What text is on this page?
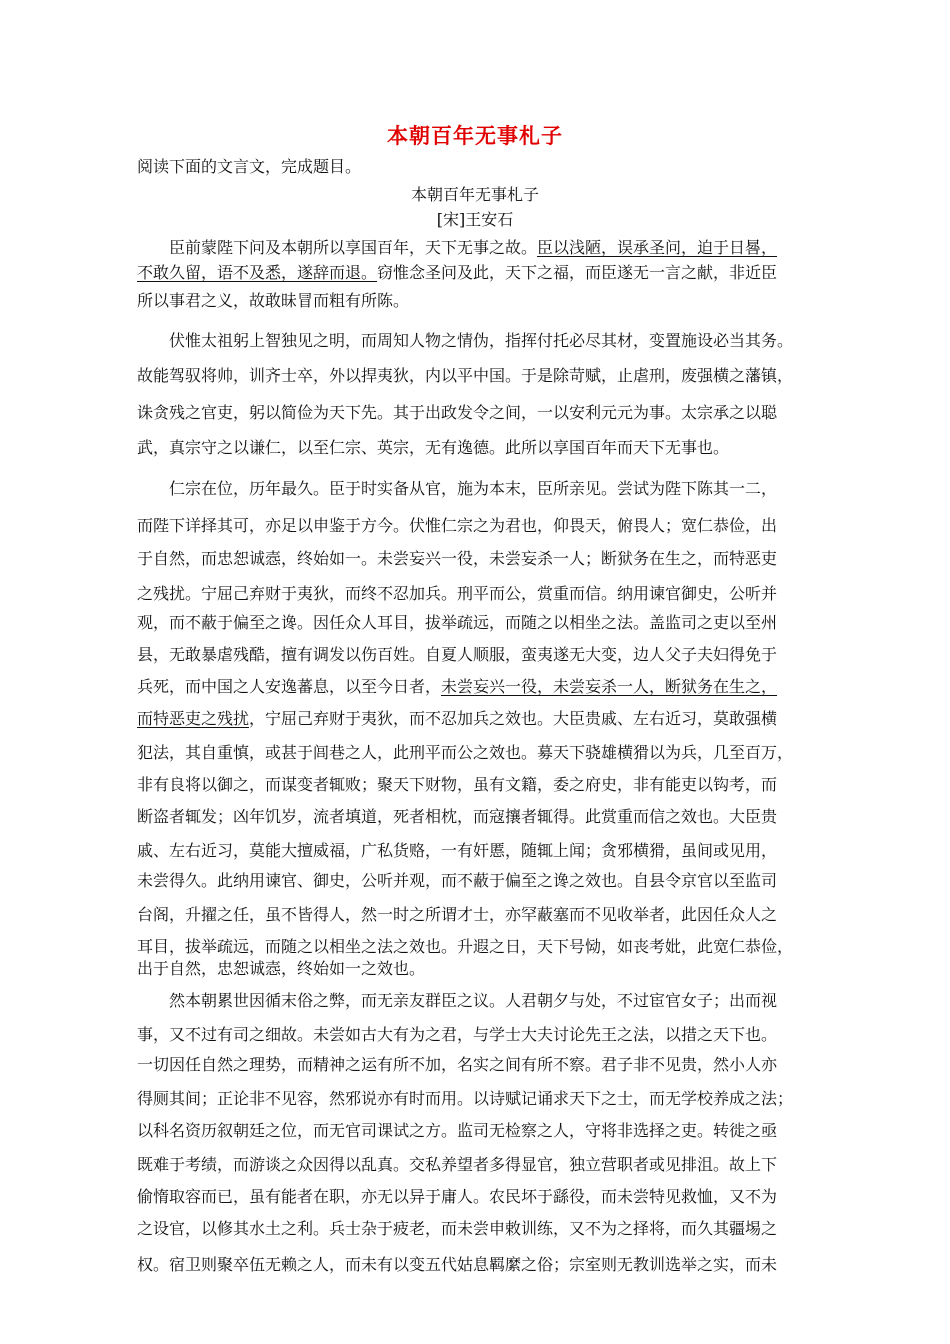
本朝百年无事札子
阅读下面的文言文，完成题目。
本朝百年无事札子
[宋]王安石
　　臣前蒙陛下问及本朝所以享国百年，天下无事之故。臣以浅陋，误承圣问，迫于日晷，
不敢久留，语不及悉，遂辞而退。窃惟念圣问及此，天下之福，而臣遂无一言之献，非近臣
所以事君之义，故敢昧冒而粗有所陈。
　　伏惟太祖躬上智独见之明，而周知人物之情伪，指挥付托必尽其材，变置施设必当其务。
故能驾驭将帅，训齐士卒，外以捍夷狄，内以平中国。于是除苛赋，止虐刑，废强横之藩镇，
诛贪残之官吏，躬以简俭为天下先。其于出政发令之间，一以安利元元为事。太宗承之以聪
武，真宗守之以谦仁，以至仁宗、英宗，无有逸德。此所以享国百年而天下无事也。
　　仁宗在位，历年最久。臣于时实备从官，施为本末，臣所亲见。尝试为陛下陈其一二，
而陛下详择其可，亦足以申鉴于方今。伏惟仁宗之为君也，仰畏天，俯畏人；宽仁恭俭，出
于自然，而忠恕诚悫，终始如一。未尝妄兴一役，未尝妄杀一人；断狱务在生之，而特恶吏
之残扰。宁屈己弃财于夷狄，而终不忍加兵。刑平而公，赏重而信。纳用谏官御史，公听并
观，而不蔽于偏至之谗。因任众人耳目，拔举疏远，而随之以相坐之法。盖监司之吏以至州
县，无敢暴虐残酷，擅有调发以伤百姓。自夏人顺服，蛮夷遂无大变，边人父子夫妇得免于
兵死，而中国之人安逸蕃息，以至今日者，未尝妄兴一役，未尝妄杀一人，断狱务在生之，
而特恶吏之残扰，宁屈己弃财于夷狄，而不忍加兵之效也。大臣贵戚、左右近习，莫敢强横
犯法，其自重慎，或甚于闾巷之人，此刑平而公之效也。募天下骁雄横猾以为兵，几至百万，
非有良将以御之，而谋变者辄败；聚天下财物，虽有文籍，委之府史，非有能吏以钩考，而
断盗者辄发；凶年饥岁，流者填道，死者相枕，而寇攘者辄得。此赏重而信之效也。大臣贵
戚、左右近习，莫能大擅威福，广私货赂，一有奸慝，随辄上闻；贪邪横猾，虽间或见用，
未尝得久。此纳用谏官、御史，公听并观，而不蔽于偏至之谗之效也。自县令京官以至监司
台阁，升擢之任，虽不皆得人，然一时之所谓才士，亦罕蔽塞而不见收举者，此因任众人之
耳目，拔举疏远，而随之以相坐之法之效也。升遐之日，天下号恸，如丧考妣，此宽仁恭俭，
出于自然，忠恕诚悫，终始如一之效也。
　　然本朝累世因循末俗之弊，而无亲友群臣之议。人君朝夕与处，不过宦官女子；出而视
事，又不过有司之细故。未尝如古大有为之君，与学士大夫讨论先王之法，以措之天下也。
一切因任自然之理势，而精神之运有所不加，名实之间有所不察。君子非不见贵，然小人亦
得厕其间；正论非不见容，然邪说亦有时而用。以诗赋记诵求天下之士，而无学校养成之法；
以科名资历叙朝廷之位，而无官司课试之方。监司无检察之人，守将非选择之吏。转徙之亟
既难于考绩，而游谈之众因得以乱真。交私养望者多得显官，独立营职者或见排沮。故上下
偷惰取容而已，虽有能者在职，亦无以异于庸人。农民坏于繇役，而未尝特见救恤，又不为
之设官，以修其水土之利。兵士杂于疲老，而未尝申敕训练，又不为之择将，而久其疆埸之
权。宿卫则聚卒伍无赖之人，而未有以变五代姑息羁縻之俗；宗室则无教训选举之实，而未
